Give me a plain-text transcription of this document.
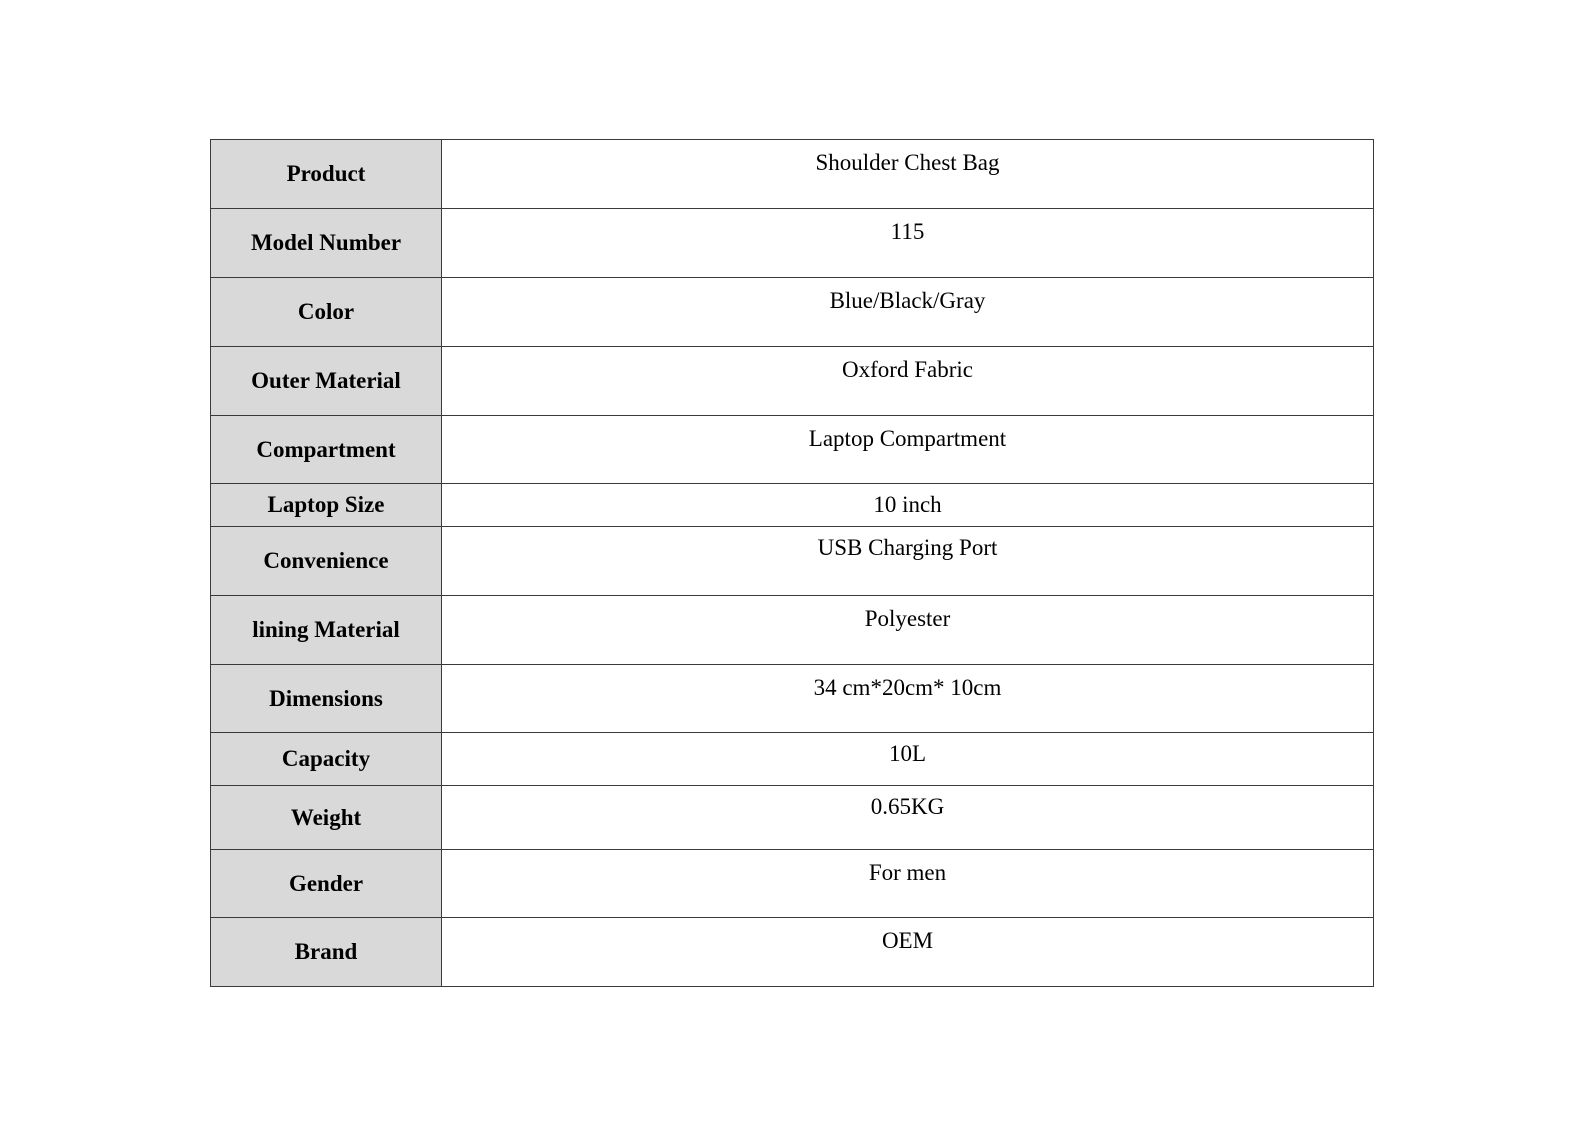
Product	Shoulder Chest Bag
Model Number	115
Color	Blue/Black/Gray
Outer Material	Oxford Fabric
Compartment	Laptop Compartment
Laptop Size	10 inch
Convenience	USB Charging Port
lining Material	Polyester
Dimensions	34 cm*20cm* 10cm
Capacity	10L
Weight	0.65KG
Gender	For men
Brand	OEM
